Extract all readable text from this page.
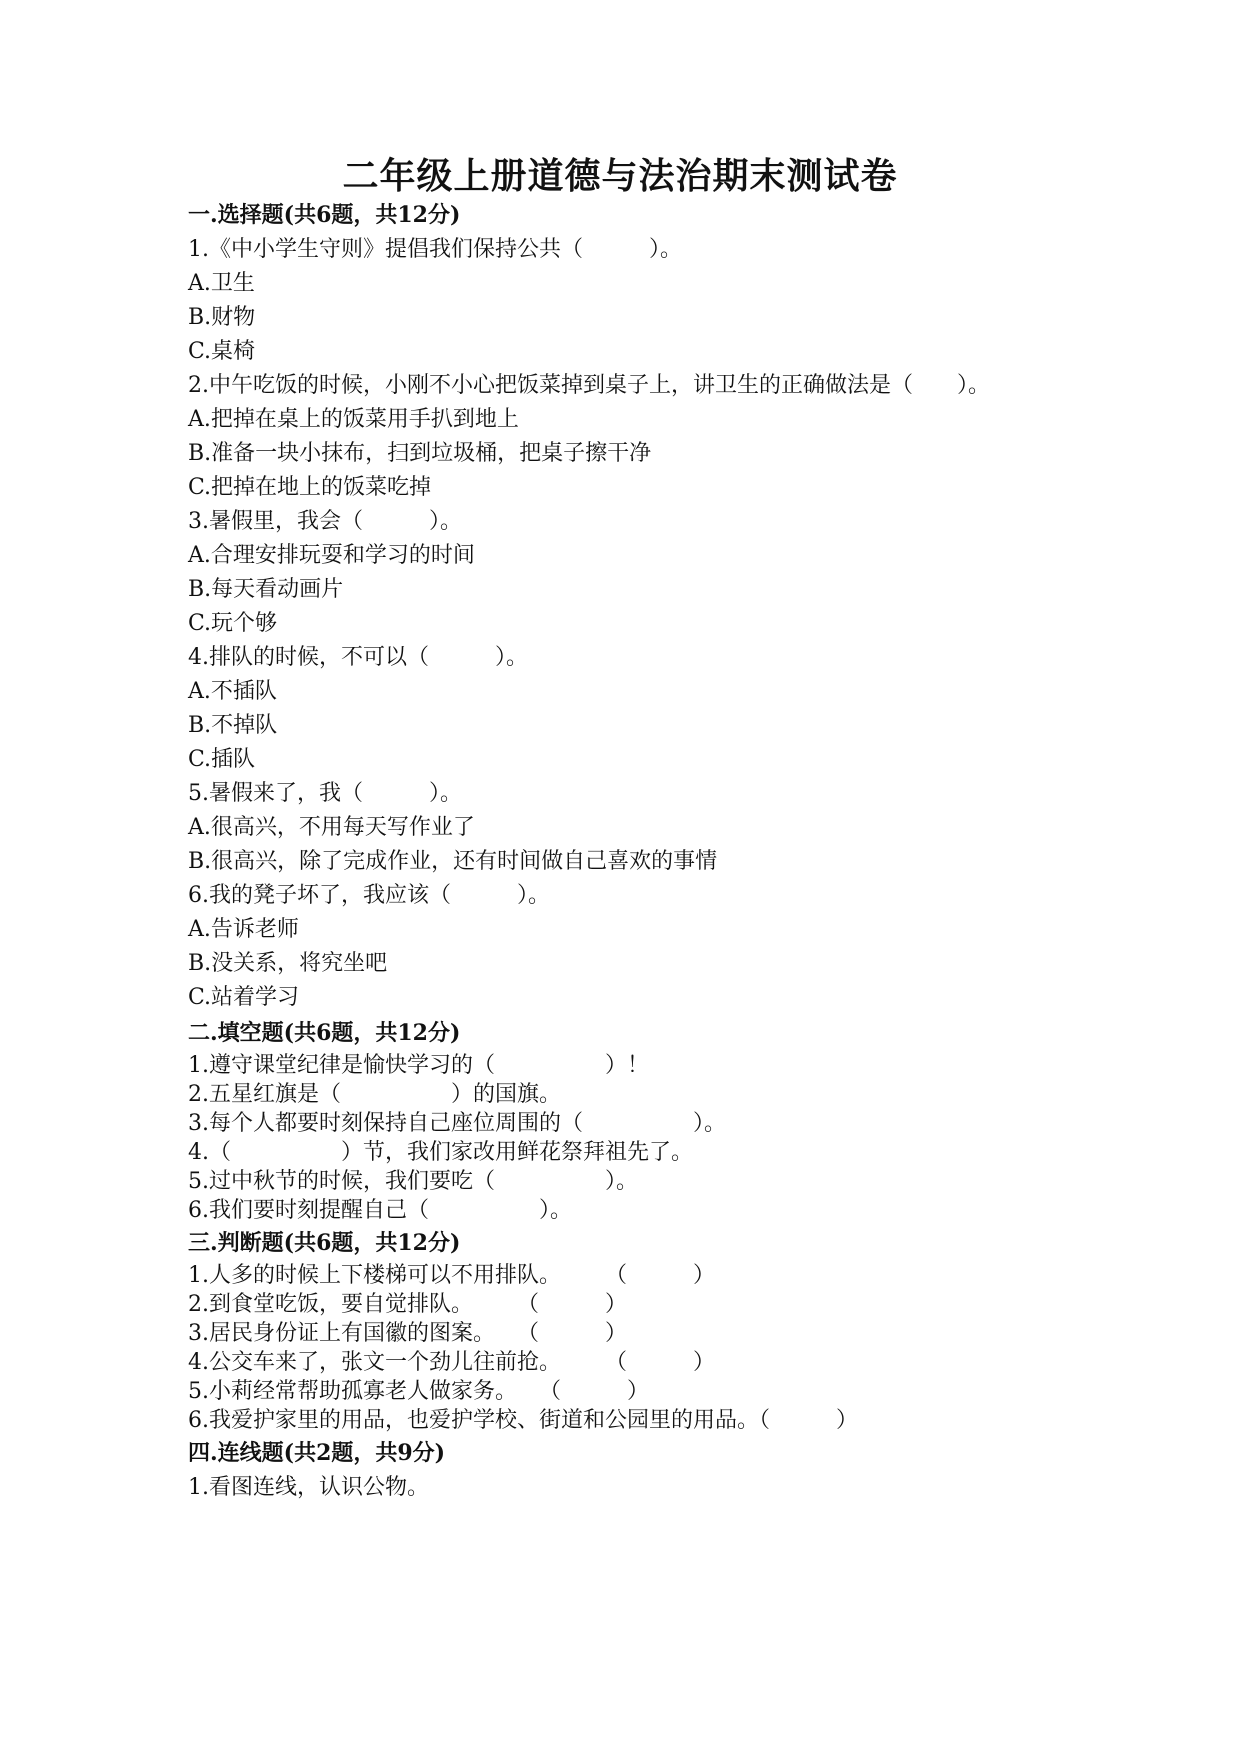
二年级上册道德与法治期末测试卷
一.选择题(共6题，共12分)
1.《中小学生守则》提倡我们保持公共（　　　）。
A.卫生
B.财物
C.桌椅
2.中午吃饭的时候，小刚不小心把饭菜掉到桌子上，讲卫生的正确做法是（　　）。
A.把掉在桌上的饭菜用手扒到地上
B.准备一块小抹布，扫到垃圾桶，把桌子擦干净
C.把掉在地上的饭菜吃掉
3.暑假里，我会（　　　）。
A.合理安排玩耍和学习的时间
B.每天看动画片
C.玩个够
4.排队的时候，不可以（　　　）。
A.不插队
B.不掉队
C.插队
5.暑假来了，我（　　　）。
A.很高兴，不用每天写作业了
B.很高兴，除了完成作业，还有时间做自己喜欢的事情
6.我的凳子坏了，我应该（　　　）。
A.告诉老师
B.没关系，将究坐吧
C.站着学习
二.填空题(共6题，共12分)
1.遵守课堂纪律是愉快学习的（　　　　　）！
2.五星红旗是（　　　　　）的国旗。
3.每个人都要时刻保持自己座位周围的（　　　　　）。
4.（　　　　　）节，我们家改用鲜花祭拜祖先了。
5.过中秋节的时候，我们要吃（　　　　　）。
6.我们要时刻提醒自己（　　　　　）。
三.判断题(共6题，共12分)
1.人多的时候上下楼梯可以不用排队。　　　（　　　）
2.到食堂吃饭，要自觉排队。　　　（　　　）
3.居民身份证上有国徽的图案。　　（　　　）
4.公交车来了，张文一个劲儿往前抢。　　　（　　　）
5.小莉经常帮助孤寡老人做家务。　　（　　　）
6.我爱护家里的用品，也爱护学校、街道和公园里的用品。（　　　）
四.连线题(共2题，共9分)
1.看图连线，认识公物。
